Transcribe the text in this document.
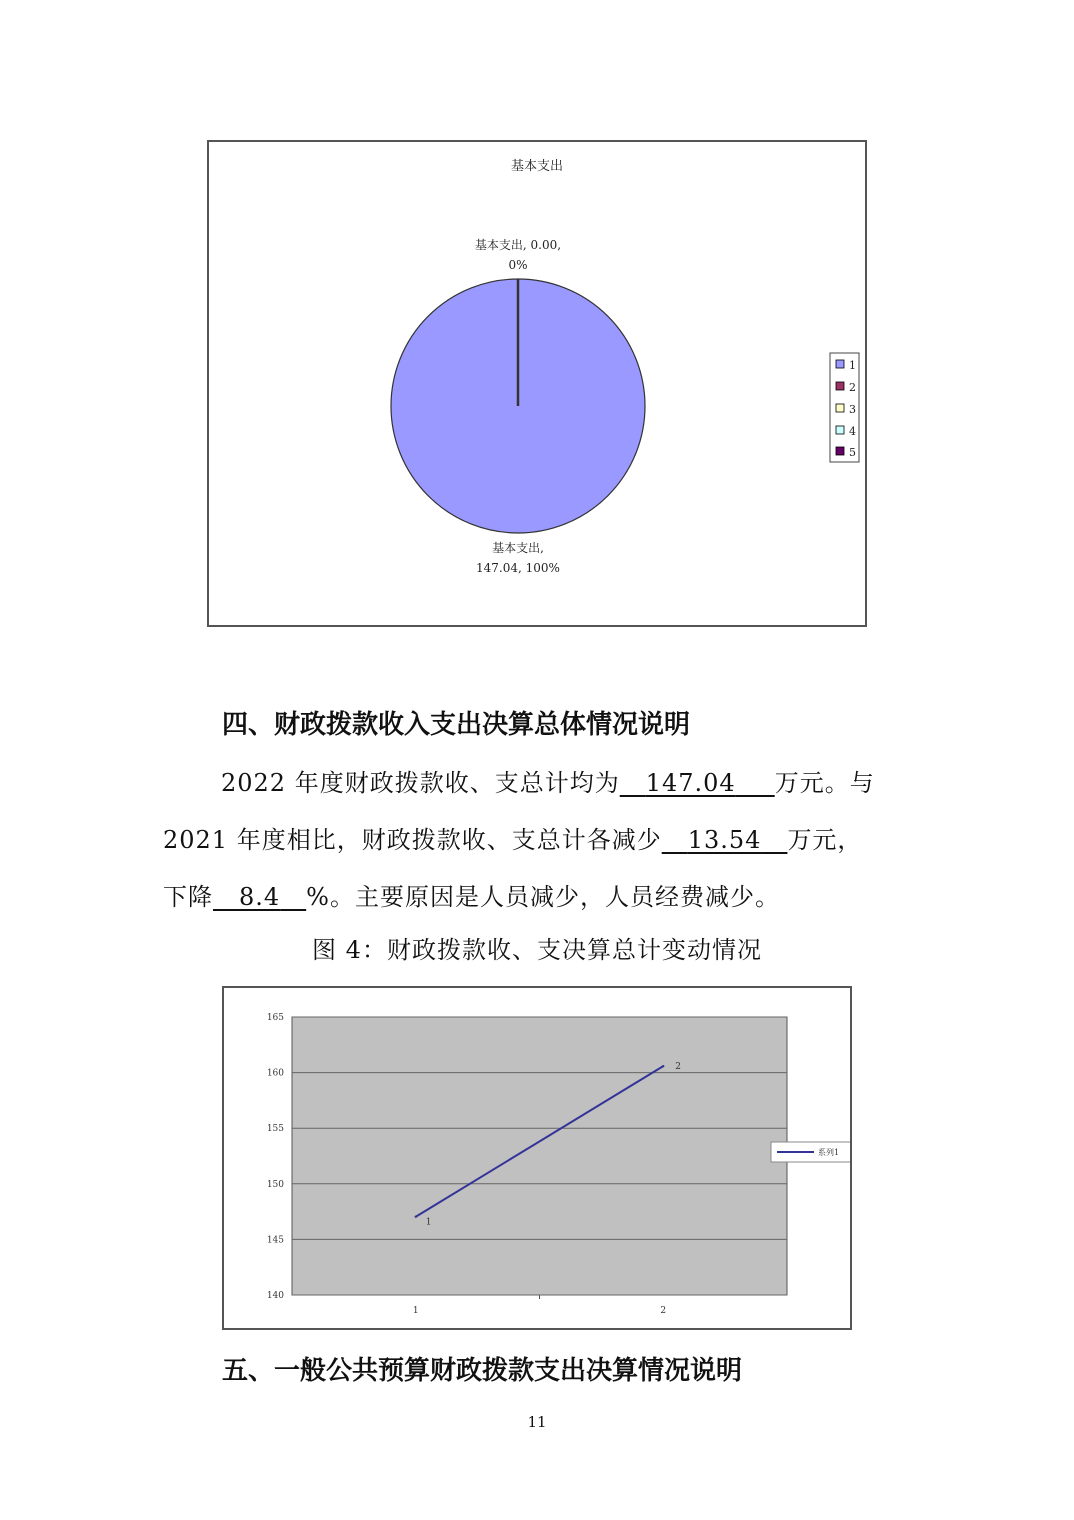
基本支出
基本支出, 0.00,
0%
基本支出,
147.04, 100%
1
2
3
4
5
四、财政拨款收入支出决算总体情况说明
2022 年度财政拨款收、支总计均为   147.04    万元。与
2021 年度相比，财政拨款收、支总计各减少   13.54   万元，
下降   8.4   %。主要原因是人员减少，人员经费减少。
图 4：财政拨款收、支决算总计变动情况
140
145
150
155
160
165
1	2
1
2
系列1
五、一般公共预算财政拨款支出决算情况说明
11
